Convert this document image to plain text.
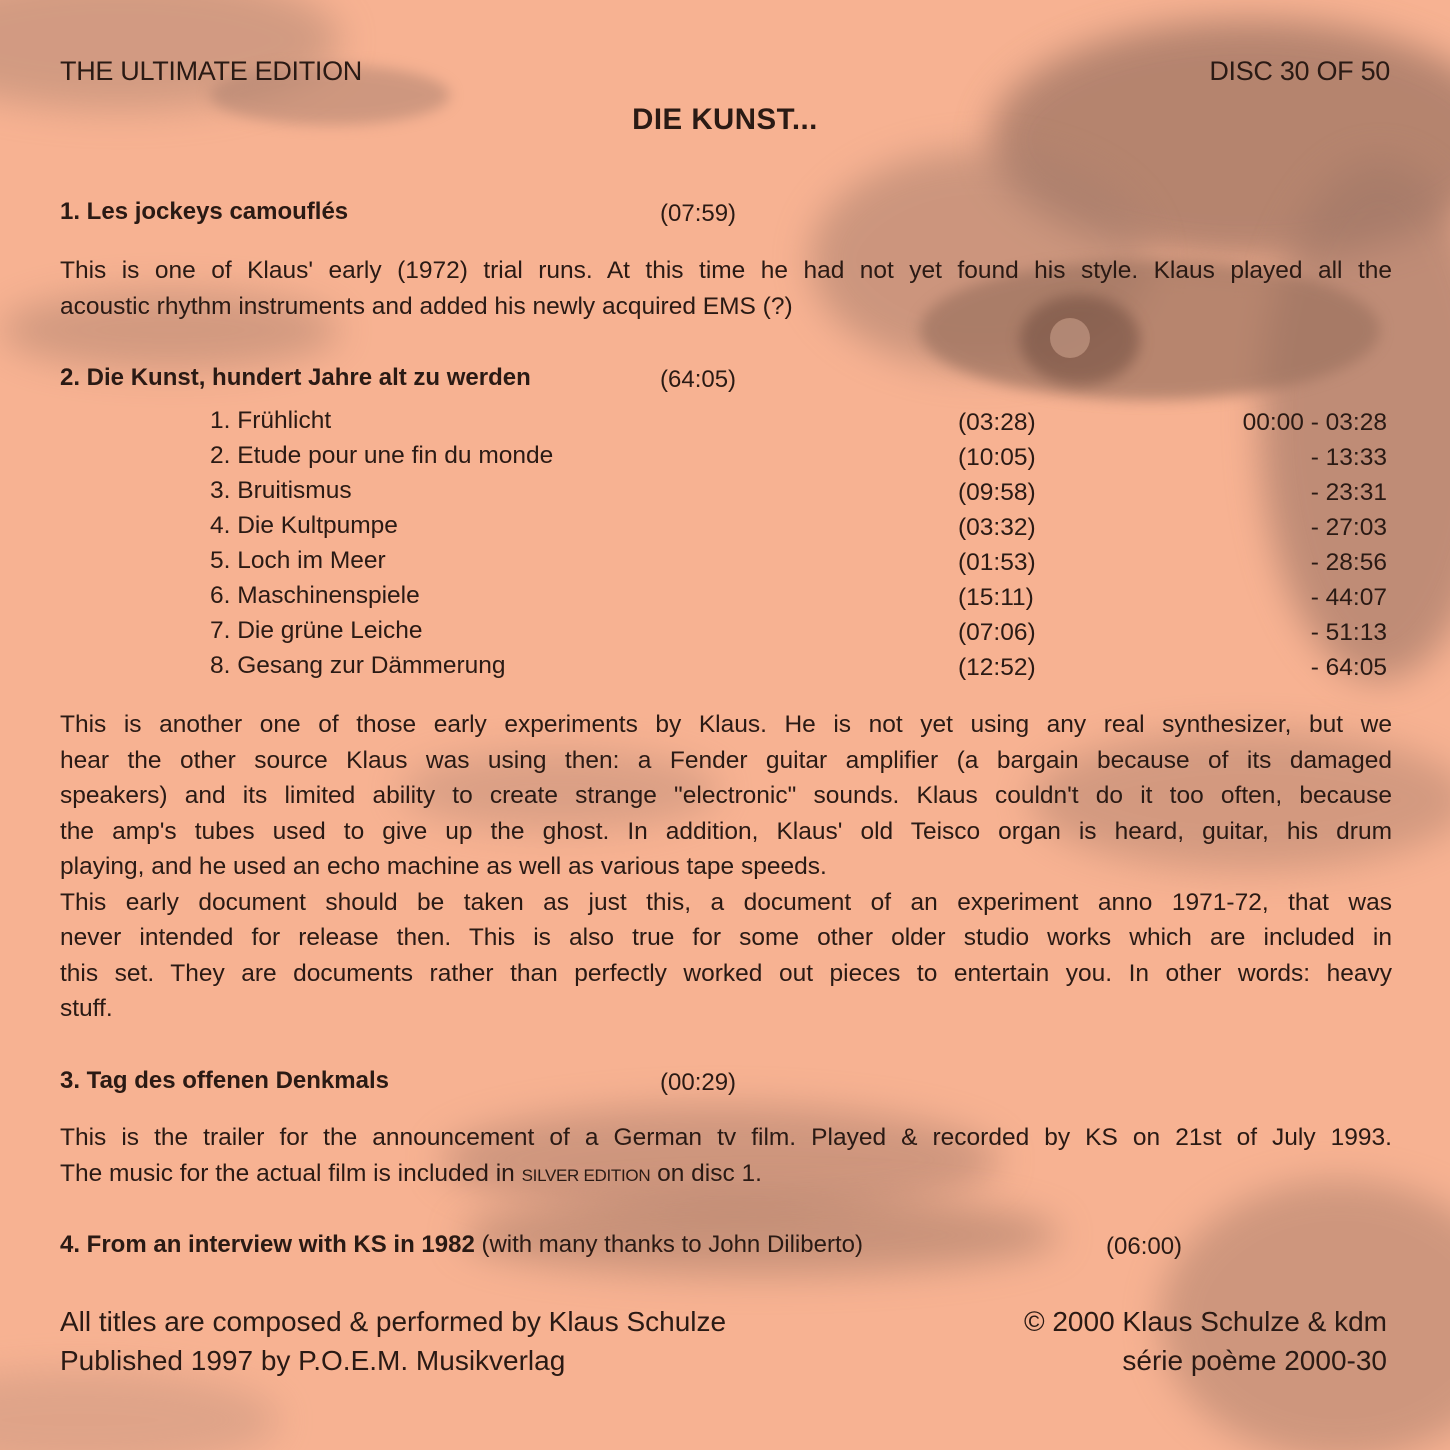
THE ULTIMATE EDITION	DISC 30 OF 50
DIE KUNST...
1. Les jockeys camouflés	(07:59)
This is one of Klaus' early (1972) trial runs. At this time he had not yet found his style. Klaus played all the
acoustic rhythm instruments and added his newly acquired EMS (?)
2. Die Kunst, hundert Jahre alt zu werden	(64:05)
1. Frühlicht	(03:28)	00:00 - 03:28
2. Etude pour une fin du monde	(10:05)	- 13:33
3. Bruitismus	(09:58)	- 23:31
4. Die Kultpumpe	(03:32)	- 27:03
5. Loch im Meer	(01:53)	- 28:56
6. Maschinenspiele	(15:11)	- 44:07
7. Die grüne Leiche	(07:06)	- 51:13
8. Gesang zur Dämmerung	(12:52)	- 64:05
This is another one of those early experiments by Klaus. He is not yet using any real synthesizer, but we
hear the other source Klaus was using then: a Fender guitar amplifier (a bargain because of its damaged
speakers) and its limited ability to create strange "electronic" sounds. Klaus couldn't do it too often, because
the amp's tubes used to give up the ghost. In addition, Klaus' old Teisco organ is heard, guitar, his drum
playing, and he used an echo machine as well as various tape speeds.
This early document should be taken as just this, a document of an experiment anno 1971-72, that was
never intended for release then. This is also true for some other older studio works which are included in
this set. They are documents rather than perfectly worked out pieces to entertain you. In other words: heavy
stuff.
3. Tag des offenen Denkmals	(00:29)
This is the trailer for the announcement of a German tv film. Played & recorded by KS on 21st of July 1993.
The music for the actual film is included in SILVER EDITION on disc 1.
4. From an interview with KS in 1982 (with many thanks to John Diliberto)	(06:00)
All titles are composed & performed by Klaus Schulze
Published 1997 by P.O.E.M. Musikverlag
© 2000 Klaus Schulze & kdm
série poème 2000-30
